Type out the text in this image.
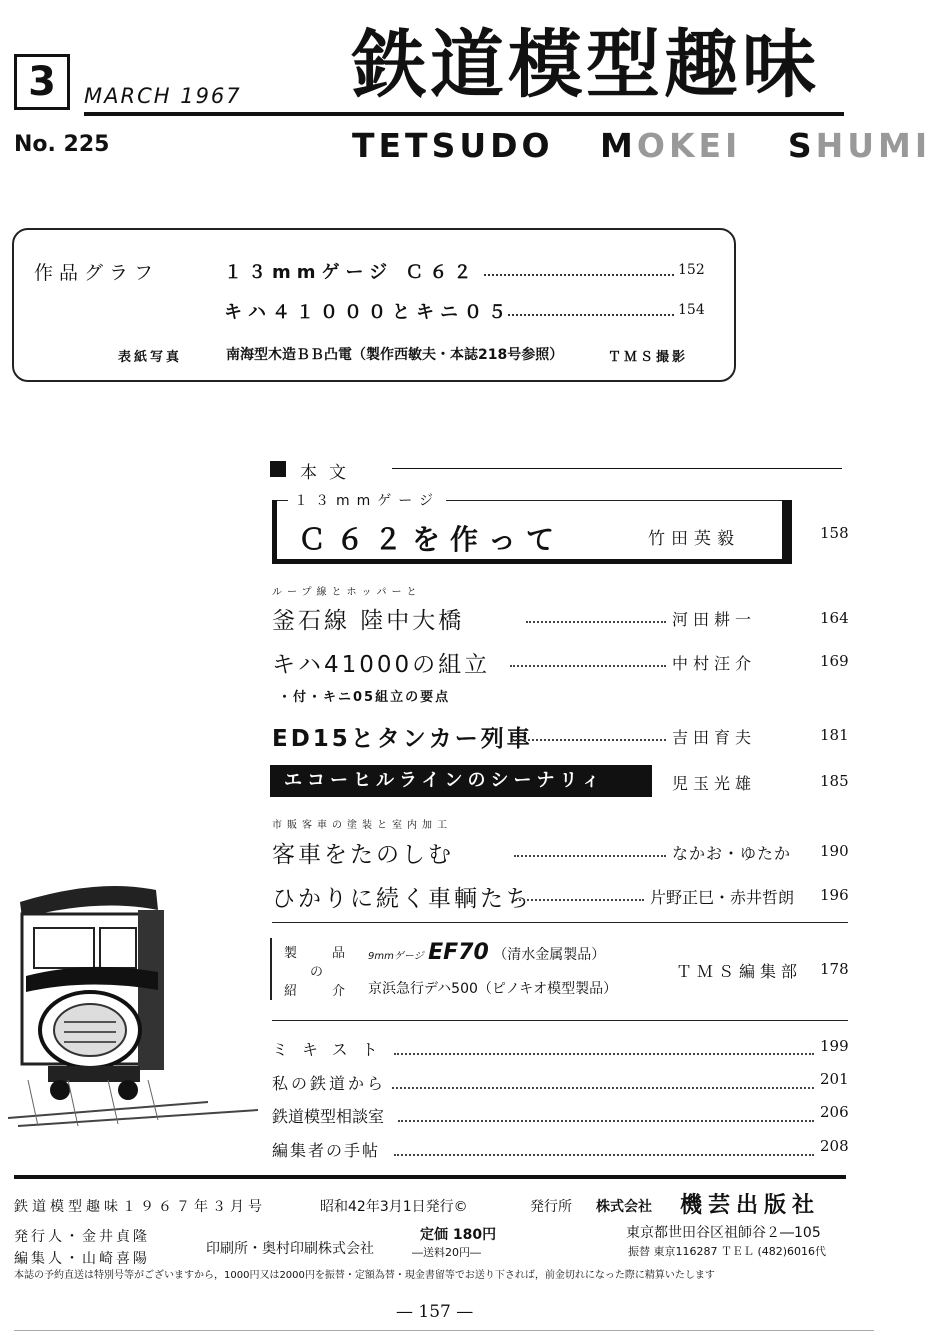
3	MARCH 1967 鉄道模型趣味
No. 225	TETSUDO MOKEI SHUMI
作品グラフ	１３mmゲージ Ｃ６２	152
キハ４１０００とキニ０５	154
表紙写真	南海型木造ＢＢ凸電（製作西敏夫・本誌218号参照）	ＴＭＳ撮影
本文
１３mmゲージ
Ｃ６２を作って	竹田英毅	158
ループ線とホッパーと
釜石線 陸中大橋	河田耕一	164
キハ41000の組立	中村汪介	169
・付・キニ05組立の要点
ED15とタンカー列車	吉田育夫	181
エコーヒルラインのシーナリィ	児玉光雄	185
市販客車の塗装と室内加工
客車をたのしむ	なかお・ゆたか 190
ひかりに続く車輌たち	片野正巳・赤井哲朗 196
製	品
の
紹	介
9mmゲージ EF70 （清水金属製品）
京浜急行デハ500（ピノキオ模型製品）
ＴＭＳ編集部 178
ミキスト	199
私の鉄道から	201
鉄道模型相談室	206
編集者の手帖	208
鉄道模型趣味１９６７年３月号	昭和42年3月1日発行©	発行所 株式会社 機芸出版社
発行人・金井貞隆
編集人・山崎喜陽
印刷所・奥村印刷株式会社
定価 180円
―送料20円―
東京都世田谷区祖師谷２―105
振替 東京116287 ＴＥＬ (482)6016代
本誌の予約直送は特別号等がございますから，1000円又は2000円を振替・定額為替・現金書留等でお送り下されば，前金切れになった際に精算いたします
— 157 —
